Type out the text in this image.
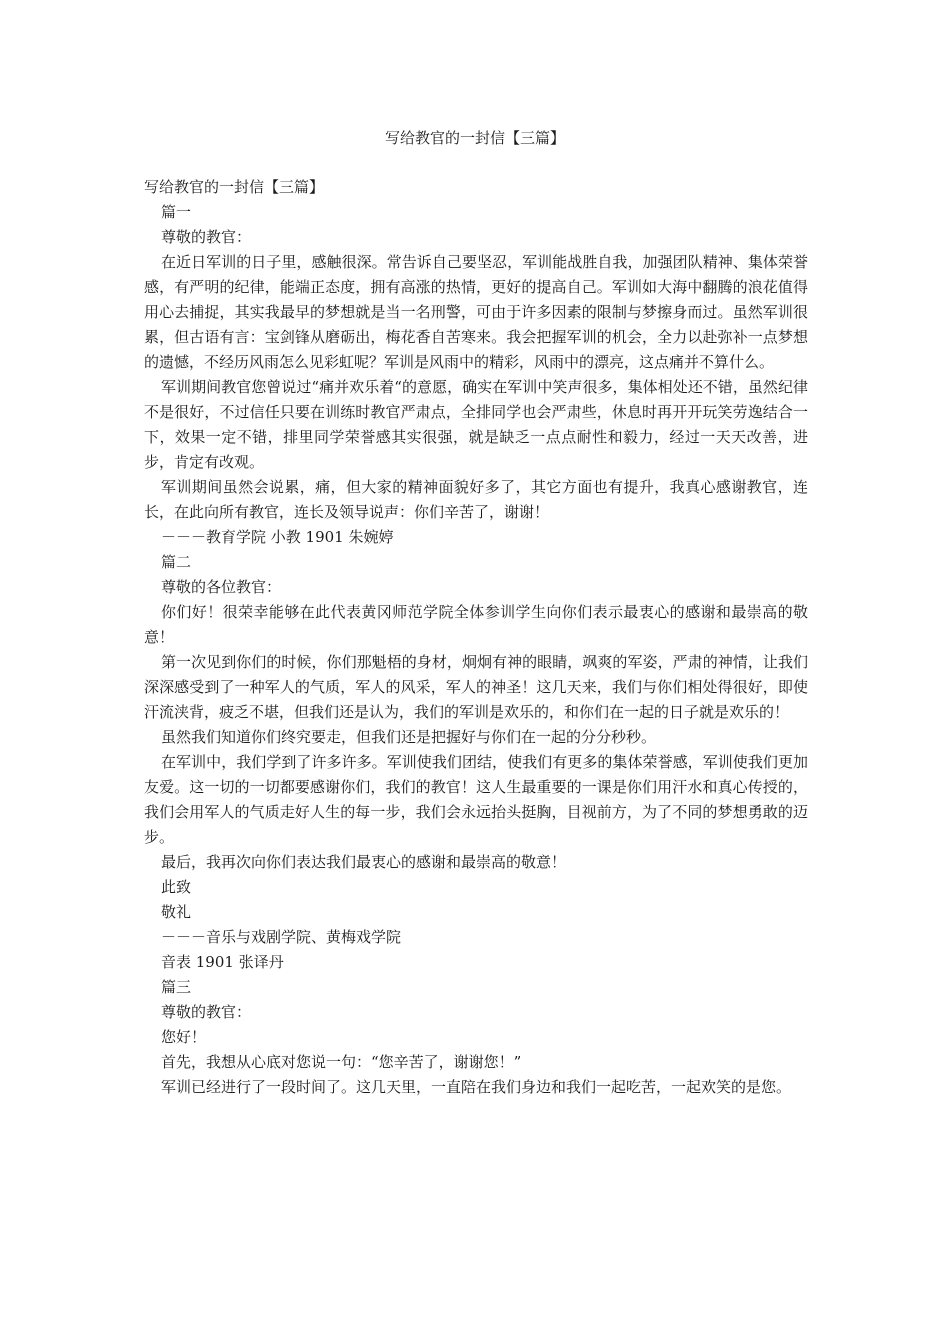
写给教官的一封信【三篇】

写给教官的一封信【三篇】

篇一

尊敬的教官：

在近日军训的日子里，感触很深。常告诉自己要坚忍，军训能战胜自我，加强团队精神、集体荣誉感，有严明的纪律，能端正态度，拥有高涨的热情，更好的提高自己。军训如大海中翻腾的浪花值得用心去捕捉，其实我最早的梦想就是当一名刑警，可由于许多因素的限制与梦擦身而过。虽然军训很累，但古语有言：宝剑锋从磨砺出，梅花香自苦寒来。我会把握军训的机会，全力以赴弥补一点梦想的遗憾，不经历风雨怎么见彩虹呢？军训是风雨中的精彩，风雨中的漂亮，这点痛并不算什么。

军训期间教官您曾说过“痛并欢乐着“的意愿，确实在军训中笑声很多，集体相处还不错，虽然纪律不是很好，不过信任只要在训练时教官严肃点，全排同学也会严肃些，休息时再开开玩笑劳逸结合一下，效果一定不错，排里同学荣誉感其实很强，就是缺乏一点点耐性和毅力，经过一天天改善，进步，肯定有改观。

军训期间虽然会说累，痛，但大家的精神面貌好多了，其它方面也有提升，我真心感谢教官，连长，在此向所有教官，连长及领导说声：你们辛苦了，谢谢！

－－－教育学院 小教 1901 朱婉婷

篇二

尊敬的各位教官：

你们好！很荣幸能够在此代表黄冈师范学院全体参训学生向你们表示最衷心的感谢和最崇高的敬意！

第一次见到你们的时候，你们那魁梧的身材，炯炯有神的眼睛，飒爽的军姿，严肃的神情，让我们深深感受到了一种军人的气质，军人的风采，军人的神圣！这几天来，我们与你们相处得很好，即使汗流浃背，疲乏不堪，但我们还是认为，我们的军训是欢乐的，和你们在一起的日子就是欢乐的！

虽然我们知道你们终究要走，但我们还是把握好与你们在一起的分分秒秒。

在军训中，我们学到了许多许多。军训使我们团结，使我们有更多的集体荣誉感，军训使我们更加友爱。这一切的一切都要感谢你们，我们的教官！这人生最重要的一课是你们用汗水和真心传授的，我们会用军人的气质走好人生的每一步，我们会永远抬头挺胸，目视前方，为了不同的梦想勇敢的迈步。

最后，我再次向你们表达我们最衷心的感谢和最崇高的敬意！

此致

敬礼

－－－音乐与戏剧学院、黄梅戏学院

音表 1901 张译丹

篇三

尊敬的教官：

您好！

首先，我想从心底对您说一句：“您辛苦了，谢谢您！”

军训已经进行了一段时间了。这几天里，一直陪在我们身边和我们一起吃苦，一起欢笑的是您。
